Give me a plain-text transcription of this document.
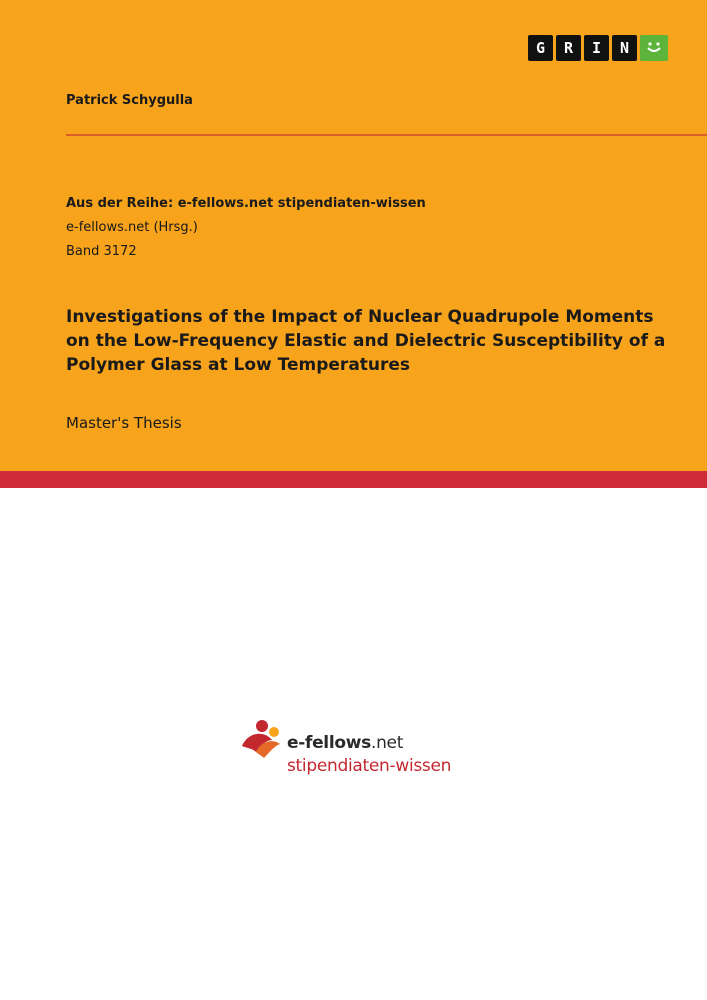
G	R	I	N
Patrick Schygulla
Aus der Reihe: e-fellows.net stipendiaten-wissen
e-fellows.net (Hrsg.)
Band 3172
Investigations of the Impact of Nuclear Quadrupole Moments on the Low-Frequency Elastic and Dielectric Susceptibility of a Polymer Glass at Low Temperatures
Master's Thesis
e-fellows.net
stipendiaten-wissen
